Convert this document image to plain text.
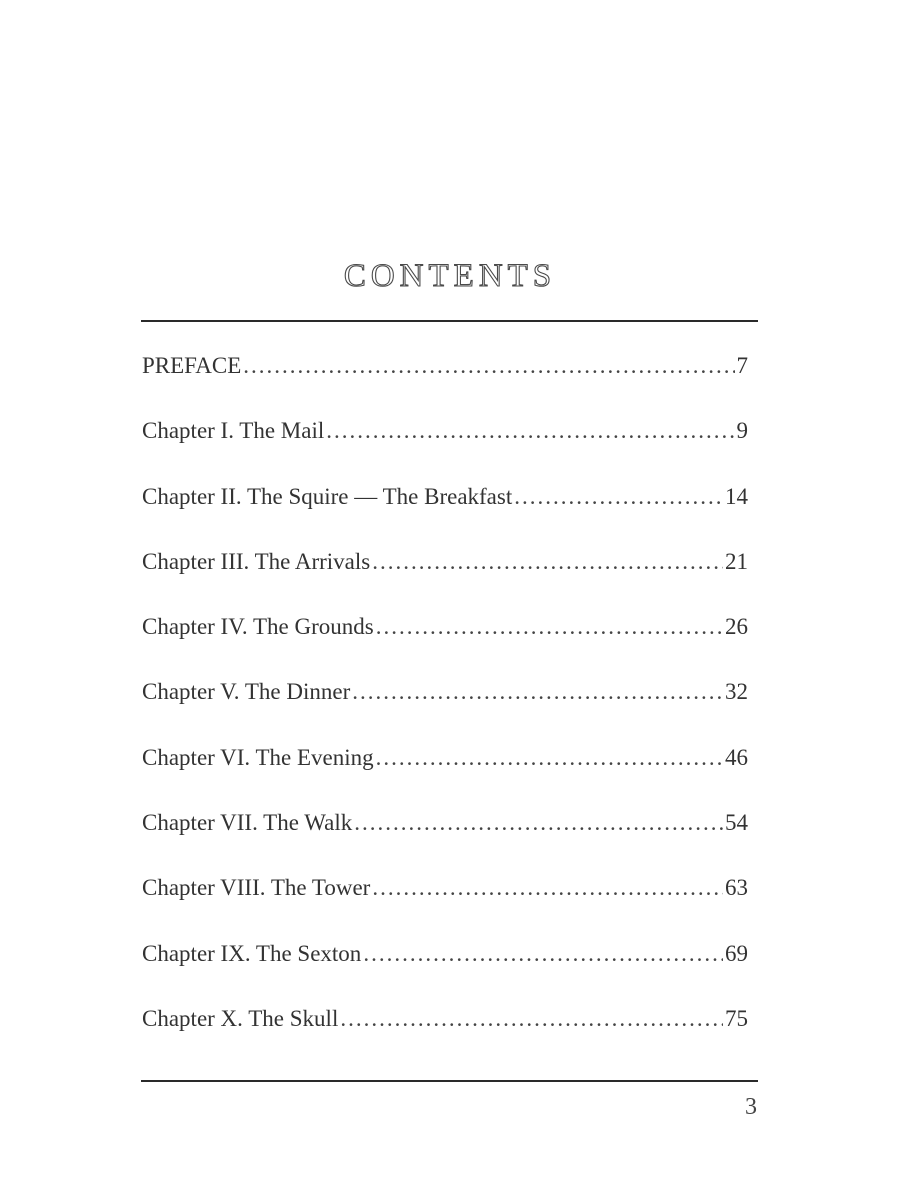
CONTENTS
PREFACE .....	7
Chapter I. The Mail .....	9
Chapter II. The Squire — The Breakfast .....	14
Chapter III. The Arrivals .....	21
Chapter IV. The Grounds .....	26
Chapter V. The Dinner .....	32
Chapter VI. The Evening .....	46
Chapter VII. The Walk .....	54
Chapter VIII. The Tower .....	63
Chapter IX. The Sexton .....	69
Chapter X. The Skull .....	75
3
